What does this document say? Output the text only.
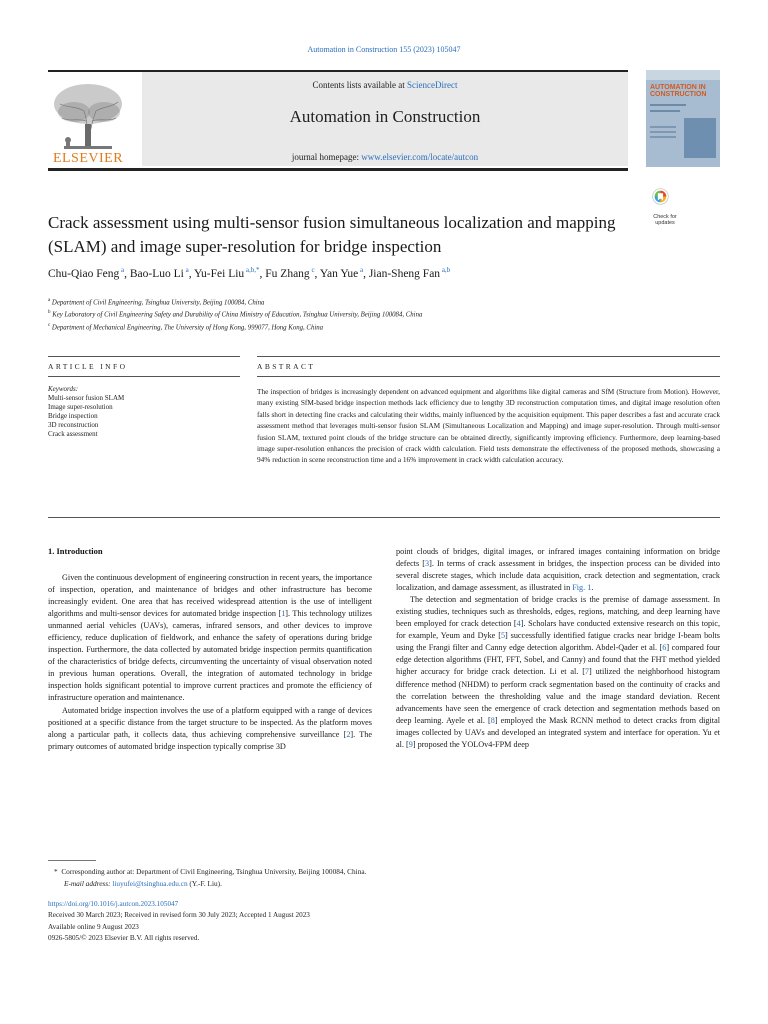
Automation in Construction 155 (2023) 105047
ELSEVIER
Contents lists available at ScienceDirect
Automation in Construction
journal homepage: www.elsevier.com/locate/autcon
AUTOMATION IN
CONSTRUCTION
Check for
updates
Crack assessment using multi-sensor fusion simultaneous localization and mapping (SLAM) and image super-resolution for bridge inspection
Chu-Qiao Feng $^a$, Bao-Luo Li $^a$, Yu-Fei Liu $^{a,b,*}$, Fu Zhang $^c$, Yan Yue $^a$, Jian-Sheng Fan $^{a,b}$
$^a$ Department of Civil Engineering, Tsinghua University, Beijing 100084, China
$^b$ Key Laboratory of Civil Engineering Safety and Durability of China Ministry of Education, Tsinghua University, Beijing 100084, China
$^c$ Department of Mechanical Engineering, The University of Hong Kong, 999077, Hong Kong, China
ARTICLE INFO	ABSTRACT
Keywords:
Multi-sensor fusion SLAM
Image super-resolution
Bridge inspection
3D reconstruction
Crack assessment
The inspection of bridges is increasingly dependent on advanced equipment and algorithms like digital cameras and SfM (Structure from Motion). However, many existing SfM-based bridge inspection methods lack efficiency due to lengthy 3D reconstruction computation times, and digital image resolution often falls short in detecting fine cracks and calculating their widths, mainly influenced by the acquisition equipment. This paper describes a fast and accurate crack assessment method that leverages multi-sensor fusion SLAM (Simultaneous Localization and Mapping) and image super-resolution. Through multi-sensor fusion SLAM, textured point clouds of the bridge structure can be obtained directly, significantly improving efficiency. Furthermore, deep learning-based image super-resolution enhances the precision of crack width calculation. Field tests demonstrate the effectiveness of the proposed methods, showcasing a 94% reduction in scene reconstruction time and a 16% improvement in crack width calculation accuracy.
1. Introduction

Given the continuous development of engineering construction in recent years, the importance of inspection, operation, and maintenance of bridges and other infrastructure has become increasingly evident. One area that has received widespread attention is the use of intelligent algorithms and multi-sensor devices for automated bridge inspection [1]. This technology utilizes unmanned aerial vehicles (UAVs), cameras, infrared sensors, and other devices to improve efficiency, reduce duplication of fieldwork, and enhance the safety of operations during bridge inspection. Furthermore, the data collected by automated bridge inspection permits quantification of the characteristics of bridge defects, circumventing the uncertainty of visual observation noted in previous human operations. Overall, the integration of automated technology in bridge inspection holds significant potential to improve current practices and promote the efficiency of infrastructure operation and maintenance.

Automated bridge inspection involves the use of a platform equipped with a range of devices positioned at a specific distance from the target structure to be inspected. As the platform moves along a particular path, it collects data, thus achieving comprehensive surveillance [2]. The primary outcomes of automated bridge inspection typically comprise 3D

point clouds of bridges, digital images, or infrared images containing information on bridge defects [3]. In terms of crack assessment in bridges, the inspection process can be divided into several discrete stages, which include data acquisition, crack detection and segmentation, crack localization, and damage assessment, as illustrated in Fig. 1.

The detection and segmentation of bridge cracks is the premise of damage assessment. In existing studies, techniques such as thresholds, edges, regions, matching, and deep learning have been employed for crack detection [4]. Scholars have conducted extensive research on this topic, for example, Yeum and Dyke [5] successfully identified fatigue cracks near bridge I-beam bolts using the Frangi filter and Canny edge detection algorithm. Abdel-Qader et al. [6] compared four edge detection algorithms (FHT, FFT, Sobel, and Canny) and found that the FHT method yielded higher accuracy for bridge crack detection. Li et al. [7] utilized the neighborhood histogram difference method (NHDM) to perform crack segmentation based on the continuity of cracks and the correlation between the thresholding value and the image standard deviation. Recent advancements have seen the emergence of crack detection and segmentation methods based on deep learning. Ayele et al. [8] employed the Mask RCNN method to detect cracks from digital images collected by UAVs and developed an integrated system and interface for operation. Yu et al. [9] proposed the YOLOv4-FPM deep

* Corresponding author at: Department of Civil Engineering, Tsinghua University, Beijing 100084, China.
E-mail address: liuyufei@tsinghua.edu.cn (Y.-F. Liu).
https://doi.org/10.1016/j.autcon.2023.105047
Received 30 March 2023; Received in revised form 30 July 2023; Accepted 1 August 2023
Available online 9 August 2023
0926-5805/© 2023 Elsevier B.V. All rights reserved.
